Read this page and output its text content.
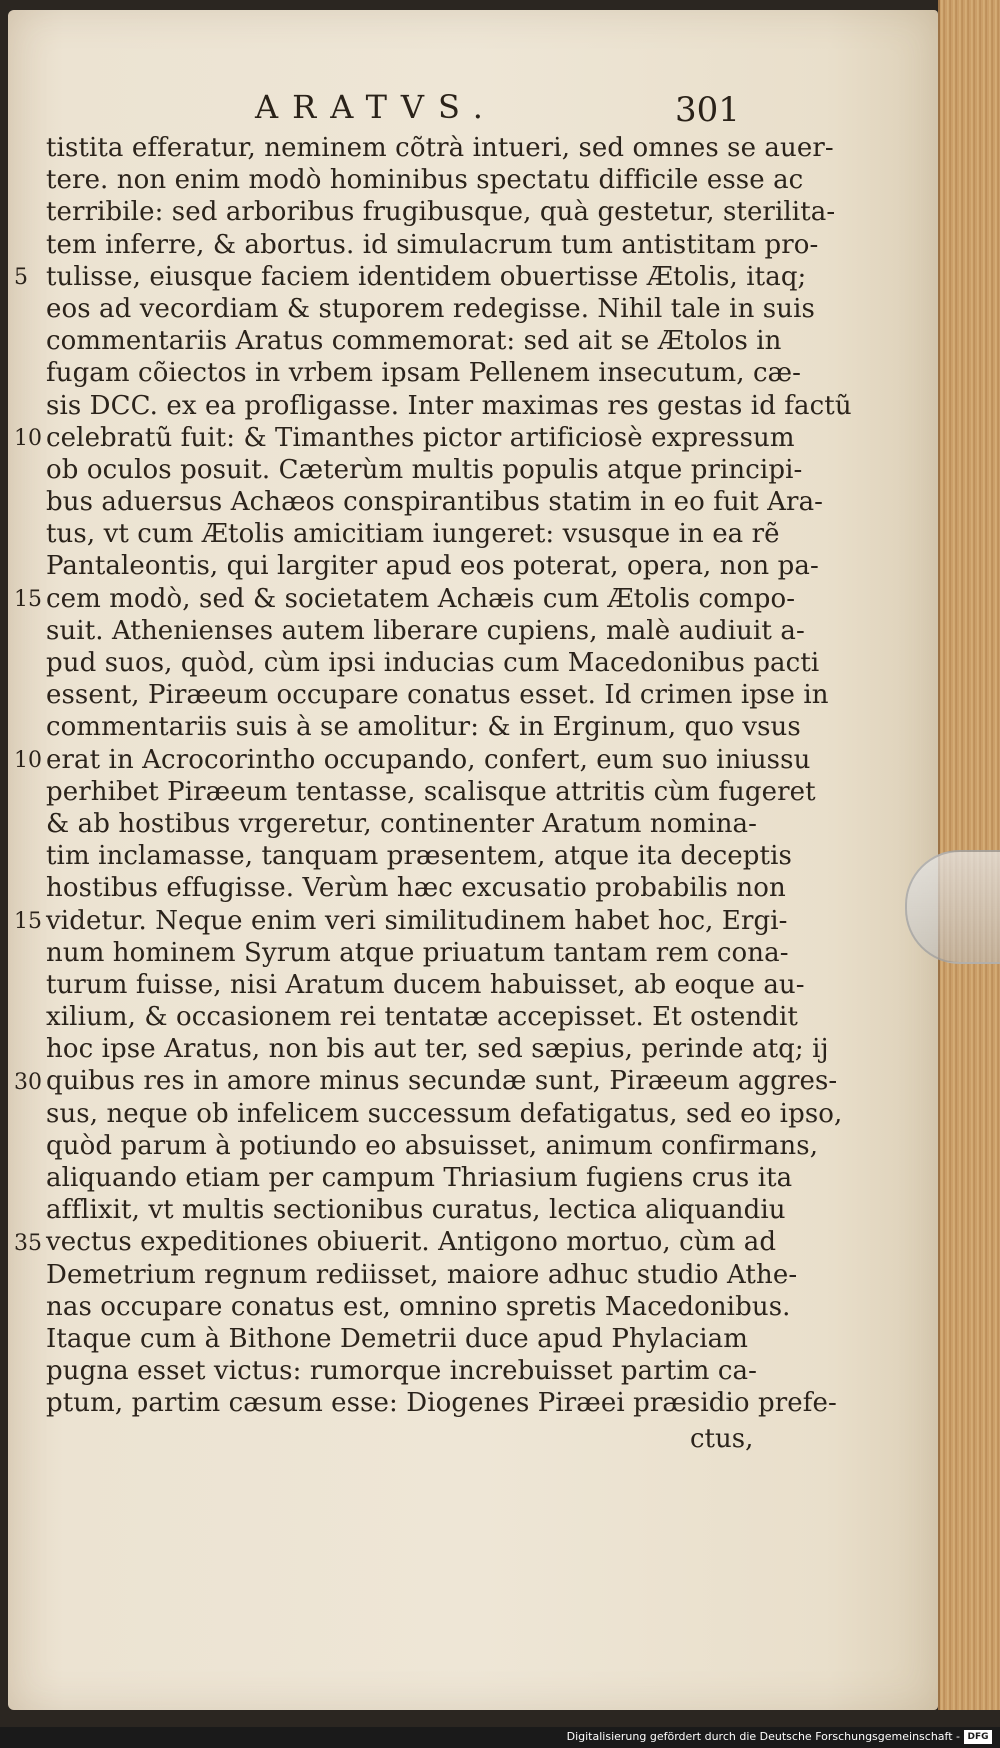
ARATVS.	301
tistita efferatur, neminem cõtrà intueri, sed omnes se auer-
tere. non enim modò hominibus spectatu difficile esse ac
terribile: sed arboribus frugibusque, quà gestetur, sterilita-
tem inferre, & abortus. id simulacrum tum antistitam pro-
tulisse, eiusque faciem identidem obuertisse Ætolis, itaq;
eos ad vecordiam & stuporem redegisse. Nihil tale in suis
commentariis Aratus commemorat: sed ait se Ætolos in
fugam cõiectos in vrbem ipsam Pellenem insecutum, cæ-
sis DCC. ex ea profligasse. Inter maximas res gestas id factũ
celebratũ fuit: & Timanthes pictor artificiosè expressum
ob oculos posuit. Cæterùm multis populis atque principi-
bus aduersus Achæos conspirantibus statim in eo fuit Ara-
tus, vt cum Ætolis amicitiam iungeret: vsusque in ea rẽ
Pantaleontis, qui largiter apud eos poterat, opera, non pa-
cem modò, sed & societatem Achæis cum Ætolis compo-
suit. Athenienses autem liberare cupiens, malè audiuit a-
pud suos, quòd, cùm ipsi inducias cum Macedonibus pacti
essent, Piræeum occupare conatus esset. Id crimen ipse in
commentariis suis à se amolitur: & in Erginum, quo vsus
erat in Acrocorintho occupando, confert, eum suo iniussu
perhibet Piræeum tentasse, scalisque attritis cùm fugeret
& ab hostibus vrgeretur, continenter Aratum nomina-
tim inclamasse, tanquam præsentem, atque ita deceptis
hostibus effugisse. Verùm hæc excusatio probabilis non
videtur. Neque enim veri similitudinem habet hoc, Ergi-
num hominem Syrum atque priuatum tantam rem cona-
turum fuisse, nisi Aratum ducem habuisset, ab eoque au-
xilium, & occasionem rei tentatæ accepisset. Et ostendit
hoc ipse Aratus, non bis aut ter, sed sæpius, perinde atq; ij
quibus res in amore minus secundæ sunt, Piræeum aggres-
sus, neque ob infelicem successum defatigatus, sed eo ipso,
quòd parum à potiundo eo absuisset, animum confirmans,
aliquando etiam per campum Thriasium fugiens crus ita
afflixit, vt multis sectionibus curatus, lectica aliquandiu
vectus expeditiones obiuerit. Antigono mortuo, cùm ad
Demetrium regnum rediisset, maiore adhuc studio Athe-
nas occupare conatus est, omnino spretis Macedonibus.
Itaque cum à Bithone Demetrii duce apud Phylaciam
pugna esset victus: rumorque increbuisset partim ca-
ptum, partim cæsum esse: Diogenes Piræei præsidio prefe-
5
10
15
10
15
30
35
ctus,
Digitalisierung gefördert durch die Deutsche Forschungsgemeinschaft - DFG
